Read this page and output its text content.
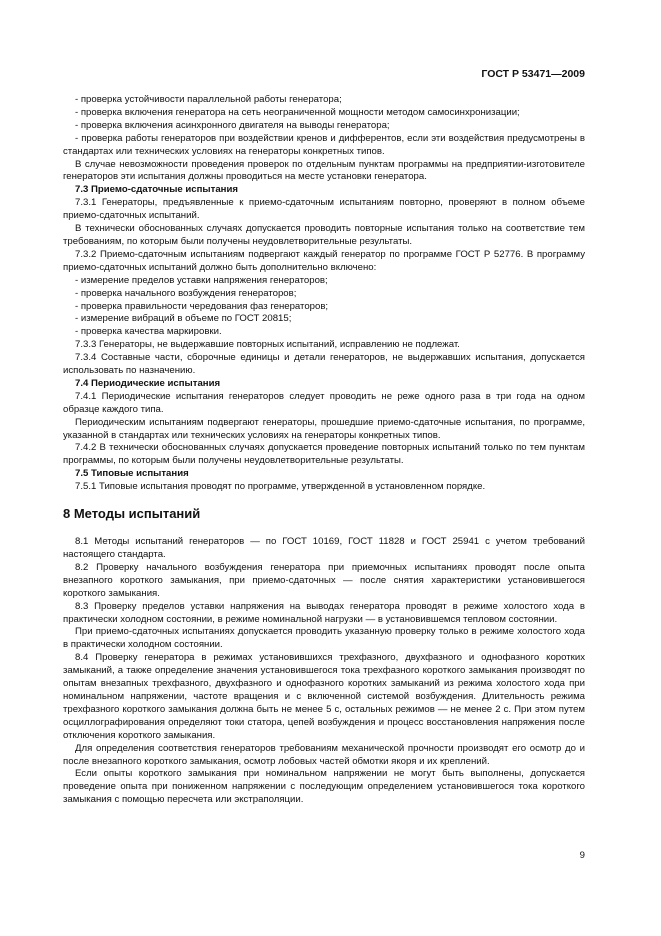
ГОСТ Р 53471—2009

- проверка устойчивости параллельной работы генератора;

- проверка включения генератора на сеть неограниченной мощности методом самосинхронизации;

- проверка включения асинхронного двигателя на выводы генератора;

- проверка работы генераторов при воздействии кренов и дифферентов, если эти воздействия предусмотрены в стандартах или технических условиях на генераторы конкретных типов.

В случае невозможности проведения проверок по отдельным пунктам программы на предприятии-изготовителе генераторов эти испытания должны проводиться на месте установки генератора.

7.3 Приемо-сдаточные испытания

7.3.1 Генераторы, предъявленные к приемо-сдаточным испытаниям повторно, проверяют в полном объеме приемо-сдаточных испытаний.

В технически обоснованных случаях допускается проводить повторные испытания только на соответствие тем требованиям, по которым были получены неудовлетворительные результаты.

7.3.2 Приемо-сдаточным испытаниям подвергают каждый генератор по программе ГОСТ Р 52776. В программу приемо-сдаточных испытаний должно быть дополнительно включено:

- измерение пределов уставки напряжения генераторов;

- проверка начального возбуждения генераторов;

- проверка правильности чередования фаз генераторов;

- измерение вибраций в объеме по ГОСТ 20815;

- проверка качества маркировки.

7.3.3 Генераторы, не выдержавшие повторных испытаний, исправлению не подлежат.

7.3.4 Составные части, сборочные единицы и детали генераторов, не выдержавших испытания, допускается использовать по назначению.

7.4 Периодические испытания

7.4.1 Периодические испытания генераторов следует проводить не реже одного раза в три года на одном образце каждого типа.

Периодическим испытаниям подвергают генераторы, прошедшие приемо-сдаточные испытания, по программе, указанной в стандартах или технических условиях на генераторы конкретных типов.

7.4.2 В технически обоснованных случаях допускается проведение повторных испытаний только по тем пунктам программы, по которым были получены неудовлетворительные результаты.

7.5 Типовые испытания

7.5.1 Типовые испытания проводят по программе, утвержденной в установленном порядке.

8 Методы испытаний

8.1 Методы испытаний генераторов — по ГОСТ 10169, ГОСТ 11828 и ГОСТ 25941 с учетом требований настоящего стандарта.

8.2 Проверку начального возбуждения генератора при приемочных испытаниях проводят после опыта внезапного короткого замыкания, при приемо-сдаточных — после снятия характеристики установившегося короткого замыкания.

8.3 Проверку пределов уставки напряжения на выводах генератора проводят в режиме холостого хода в практически холодном состоянии, в режиме номинальной нагрузки — в установившемся тепловом состоянии.

При приемо-сдаточных испытаниях допускается проводить указанную проверку только в режиме холостого хода в практически холодном состоянии.

8.4 Проверку генератора в режимах установившихся трехфазного, двухфазного и однофазного коротких замыканий, а также определение значения установившегося тока трехфазного короткого замыкания производят по опытам внезапных трехфазного, двухфазного и однофазного коротких замыканий из режима холостого хода при номинальном напряжении, частоте вращения и с включенной системой возбуждения. Длительность режима трехфазного короткого замыкания должна быть не менее 5 с, остальных режимов — не менее 2 с. При этом путем осциллографирования определяют токи статора, цепей возбуждения и процесс восстановления напряжения после отключения короткого замыкания.

Для определения соответствия генераторов требованиям механической прочности производят его осмотр до и после внезапного короткого замыкания, осмотр лобовых частей обмотки якоря и их креплений.

Если опыты короткого замыкания при номинальном напряжении не могут быть выполнены, допускается проведение опыта при пониженном напряжении с последующим определением установившегося тока короткого замыкания с помощью пересчета или экстраполяции.

9
